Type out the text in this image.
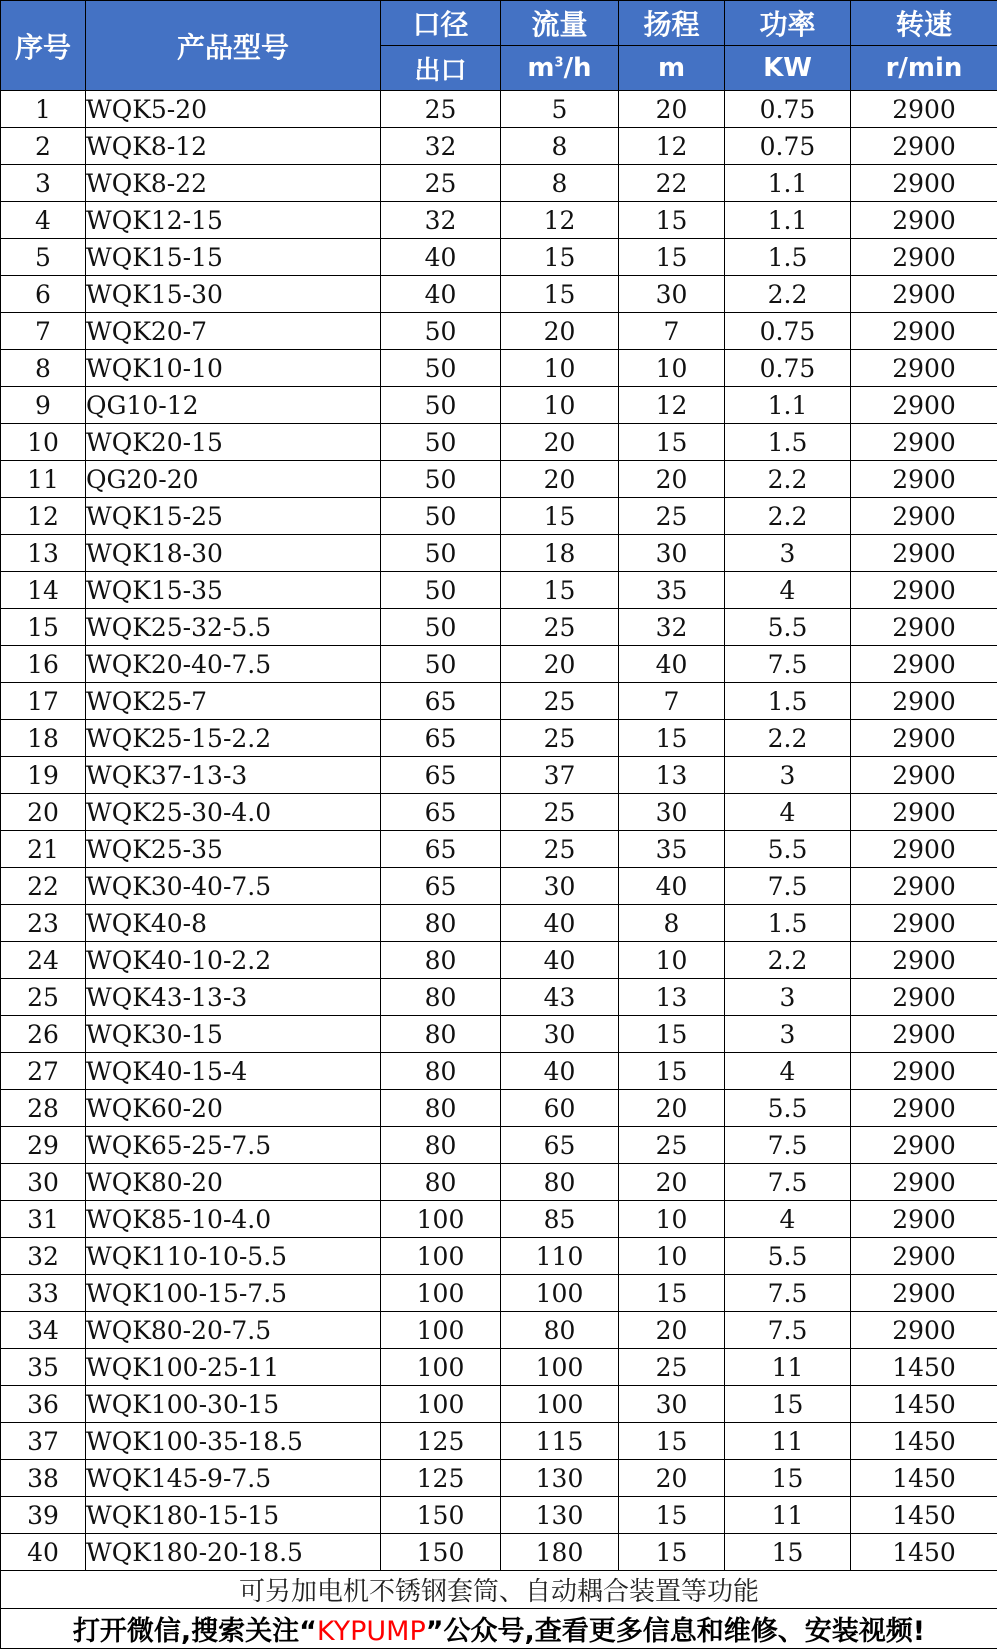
序号	产品型号	口径	流量	扬程	功率	转速
		出口	$m^3/h$	m	KW	r/min
1	WQK5-20	25	5	20	0.75	2900
2	WQK8-12	32	8	12	0.75	2900
3	WQK8-22	25	8	22	1.1	2900
4	WQK12-15	32	12	15	1.1	2900
5	WQK15-15	40	15	15	1.5	2900
6	WQK15-30	40	15	30	2.2	2900
7	WQK20-7	50	20	7	0.75	2900
8	WQK10-10	50	10	10	0.75	2900
9	QG10-12	50	10	12	1.1	2900
10	WQK20-15	50	20	15	1.5	2900
11	QG20-20	50	20	20	2.2	2900
12	WQK15-25	50	15	25	2.2	2900
13	WQK18-30	50	18	30	3	2900
14	WQK15-35	50	15	35	4	2900
15	WQK25-32-5.5	50	25	32	5.5	2900
16	WQK20-40-7.5	50	20	40	7.5	2900
17	WQK25-7	65	25	7	1.5	2900
18	WQK25-15-2.2	65	25	15	2.2	2900
19	WQK37-13-3	65	37	13	3	2900
20	WQK25-30-4.0	65	25	30	4	2900
21	WQK25-35	65	25	35	5.5	2900
22	WQK30-40-7.5	65	30	40	7.5	2900
23	WQK40-8	80	40	8	1.5	2900
24	WQK40-10-2.2	80	40	10	2.2	2900
25	WQK43-13-3	80	43	13	3	2900
26	WQK30-15	80	30	15	3	2900
27	WQK40-15-4	80	40	15	4	2900
28	WQK60-20	80	60	20	5.5	2900
29	WQK65-25-7.5	80	65	25	7.5	2900
30	WQK80-20	80	80	20	7.5	2900
31	WQK85-10-4.0	100	85	10	4	2900
32	WQK110-10-5.5	100	110	10	5.5	2900
33	WQK100-15-7.5	100	100	15	7.5	2900
34	WQK80-20-7.5	100	80	20	7.5	2900
35	WQK100-25-11	100	100	25	11	1450
36	WQK100-30-15	100	100	30	15	1450
37	WQK100-35-18.5	125	115	15	11	1450
38	WQK145-9-7.5	125	130	20	15	1450
39	WQK180-15-15	150	130	15	11	1450
40	WQK180-20-18.5	150	180	15	15	1450
可另加电机不锈钢套筒、自动耦合装置等功能						
打开微信,搜索关注“KYPUMP”公众号,查看更多信息和维修、安装视频!						
